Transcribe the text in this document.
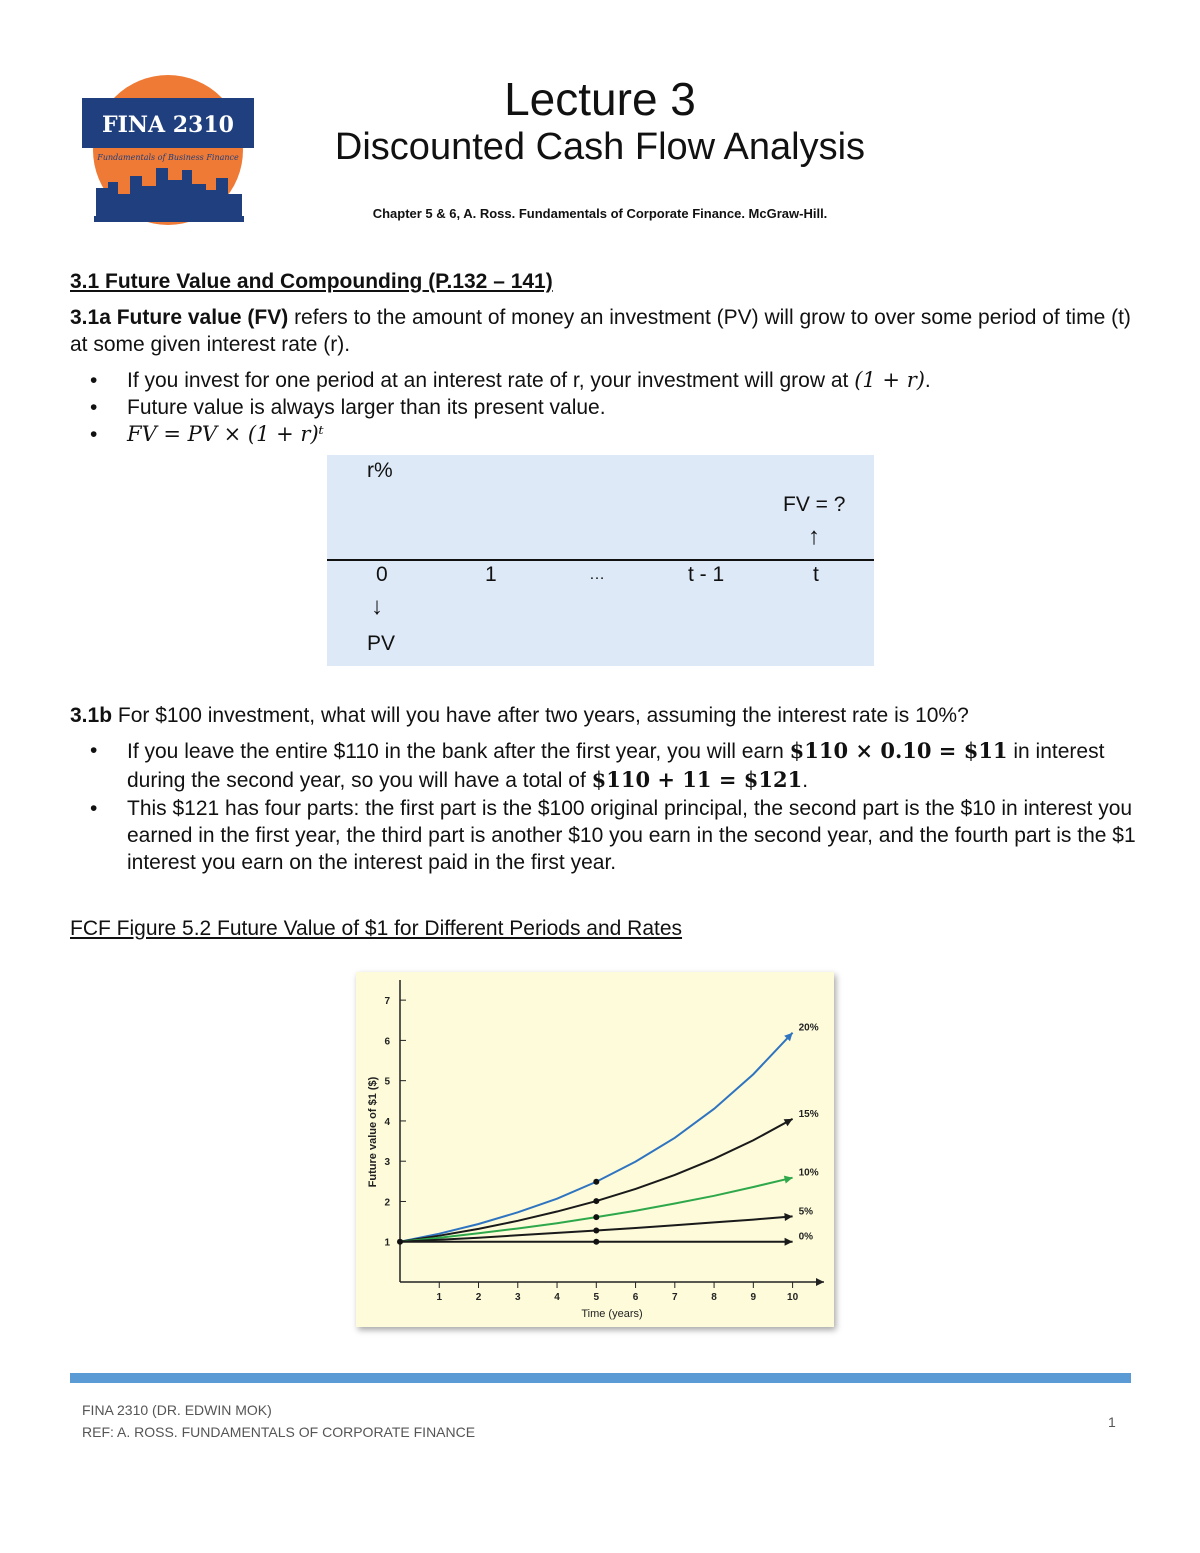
FINA 2310
Fundamentals of Business Finance
Lecture 3
Discounted Cash Flow Analysis
Chapter 5 & 6, A. Ross. Fundamentals of Corporate Finance. McGraw-Hill.
3.1 Future Value and Compounding (P.132 – 141)
3.1a Future value (FV) refers to the amount of money an investment (PV) will grow to over some period of time (t) at some given interest rate (r).
• If you invest for one period at an interest rate of r, your investment will grow at (1 + r).
• Future value is always larger than its present value.
• FV = PV × (1 + r)ᵗ
r%
FV = ?
↑
0	1	…	t - 1	t
↓
PV
3.1b For $100 investment, what will you have after two years, assuming the interest rate is 10%?
• If you leave the entire $110 in the bank after the first year, you will earn $110 × 0.10 = $11 in interest during the second year, so you will have a total of $110 + 11 = $121.
• This $121 has four parts: the first part is the $100 original principal, the second part is the $10 in interest you earned in the first year, the third part is another $10 you earn in the second year, and the fourth part is the $1 interest you earn on the interest paid in the first year.
FCF Figure 5.2 Future Value of $1 for Different Periods and Rates
1	2	3	4	5	6	7	8	9	10
1
2
3
4
5
6
7
20%
15%
10%
5%
0%
Time (years)
Future value of $1 ($)
FINA 2310 (DR. EDWIN MOK)
REF: A. ROSS. FUNDAMENTALS OF CORPORATE FINANCE
1
